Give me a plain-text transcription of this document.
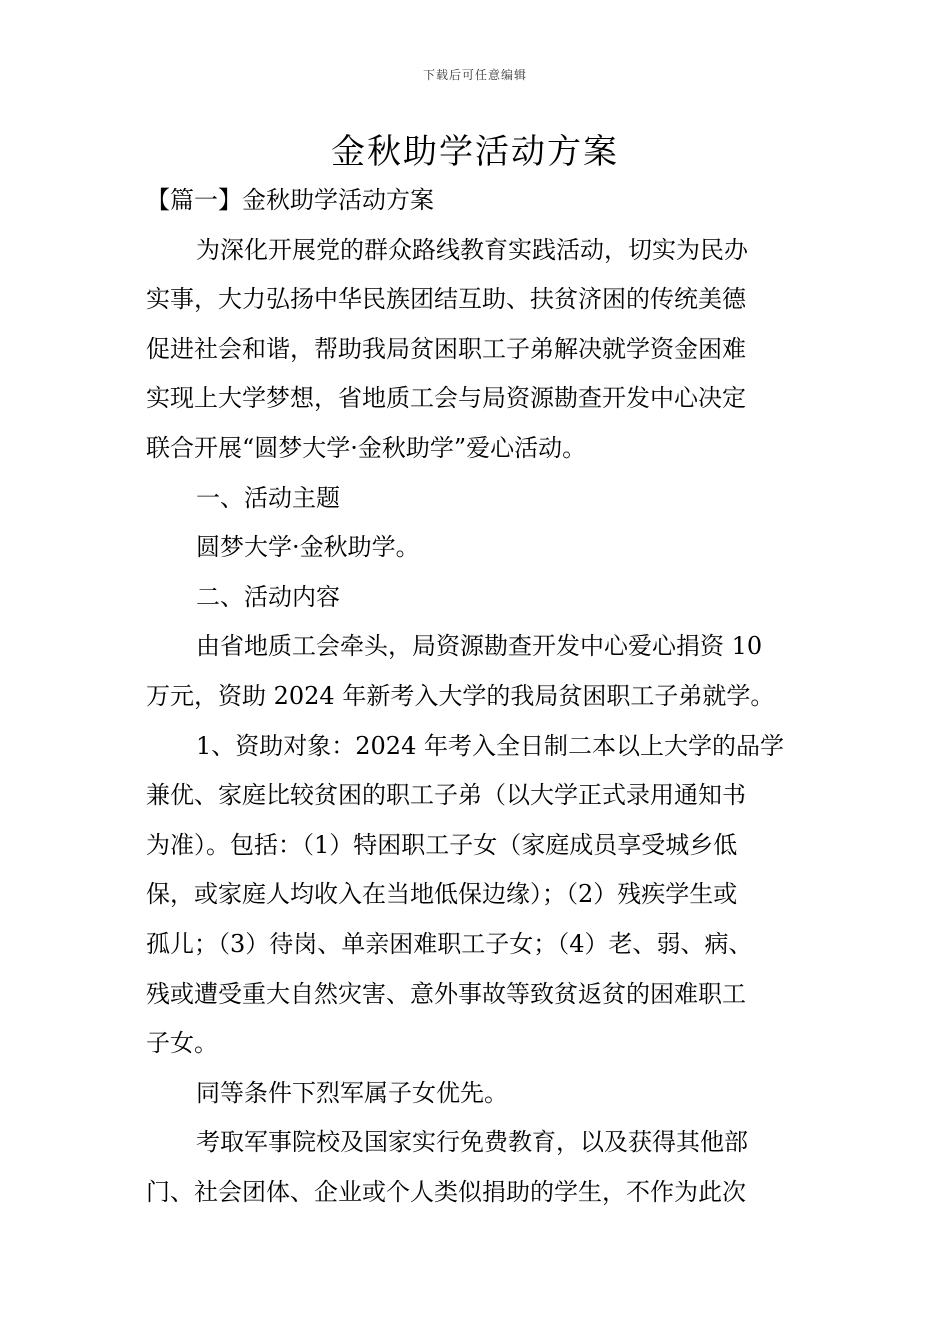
下载后可任意编辑
金秋助学活动方案

【篇一】金秋助学活动方案

为深化开展党的群众路线教育实践活动，切实为民办

实事，大力弘扬中华民族团结互助、扶贫济困的传统美德

促进社会和谐，帮助我局贫困职工子弟解决就学资金困难

实现上大学梦想，省地质工会与局资源勘查开发中心决定

联合开展“圆梦大学·金秋助学”爱心活动。

一、活动主题

圆梦大学·金秋助学。

二、活动内容

由省地质工会牵头，局资源勘查开发中心爱心捐资 10

万元，资助 2024 年新考入大学的我局贫困职工子弟就学。

1、资助对象：2024 年考入全日制二本以上大学的品学

兼优、家庭比较贫困的职工子弟（以大学正式录用通知书

为准）。包括：（1）特困职工子女（家庭成员享受城乡低

保，或家庭人均收入在当地低保边缘）；（2）残疾学生或

孤儿；（3）待岗、单亲困难职工子女；（4）老、弱、病、

残或遭受重大自然灾害、意外事故等致贫返贫的困难职工

子女。

同等条件下烈军属子女优先。

考取军事院校及国家实行免费教育，以及获得其他部

门、社会团体、企业或个人类似捐助的学生，不作为此次
